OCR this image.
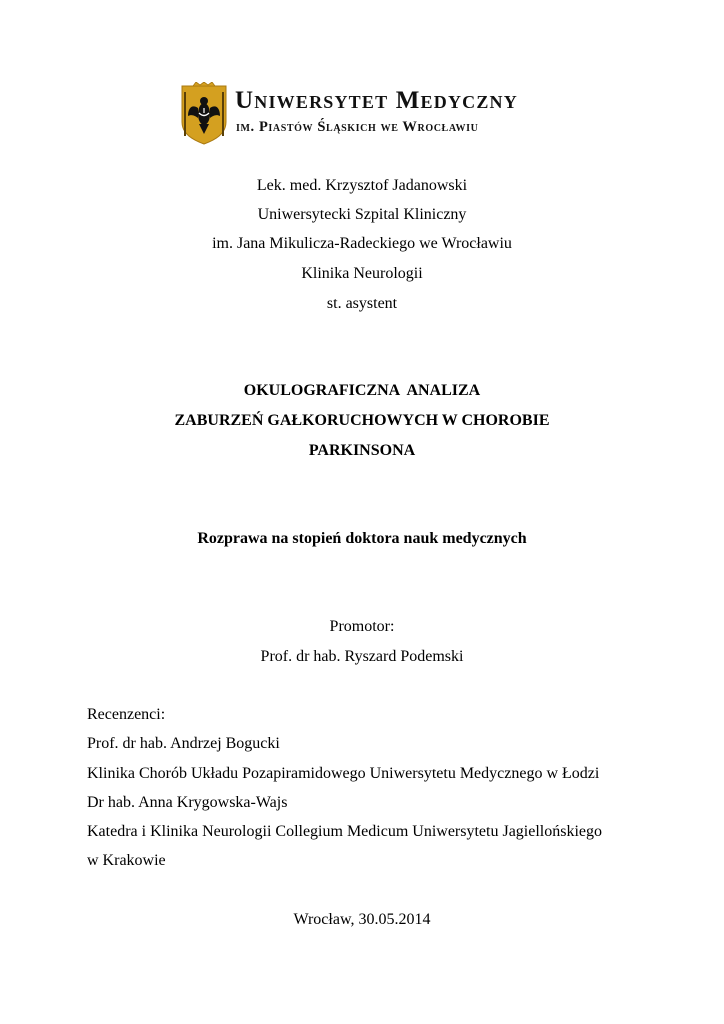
Uniwersytet Medyczny
im. Piastów Śląskich we Wrocławiu
Lek. med. Krzysztof Jadanowski
Uniwersytecki Szpital Kliniczny
im. Jana Mikulicza-Radeckiego we Wrocławiu
Klinika Neurologii
st. asystent
OKULOGRAFICZNA  ANALIZA
ZABURZEŃ GAŁKORUCHOWYCH W CHOROBIE
PARKINSONA
Rozprawa na stopień doktora nauk medycznych
Promotor:
Prof. dr hab. Ryszard Podemski
Recenzenci:
Prof. dr hab. Andrzej Bogucki
Klinika Chorób Układu Pozapiramidowego Uniwersytetu Medycznego w Łodzi
Dr hab. Anna Krygowska-Wajs
Katedra i Klinika Neurologii Collegium Medicum Uniwersytetu Jagiellońskiego
w Krakowie
Wrocław, 30.05.2014
